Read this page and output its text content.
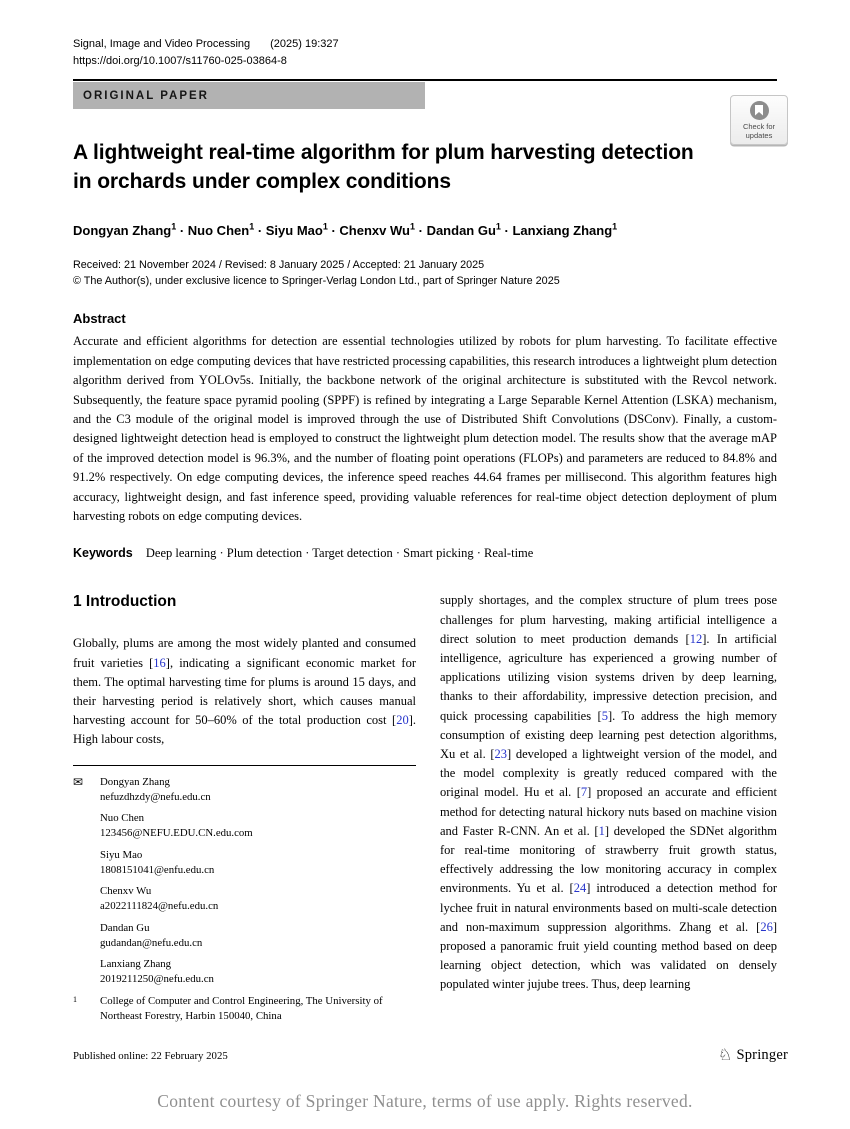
Signal, Image and Video Processing (2025) 19:327
https://doi.org/10.1007/s11760-025-03864-8
ORIGINAL PAPER
A lightweight real-time algorithm for plum harvesting detection
in orchards under complex conditions
Dongyan Zhang$^1$ · Nuo Chen$^1$ · Siyu Mao$^1$ · Chenxv $Wu^1$ · Dandan $Gu^1$ · Lanxiang Zhang$^1$
Received: 21 November 2024 / Revised: 8 January 2025 / Accepted: 21 January 2025
© The Author(s), under exclusive licence to Springer-Verlag London Ltd., part of Springer Nature 2025
Abstract

Accurate and efficient algorithms for detection are essential technologies utilized by robots for plum harvesting. To facilitate effective implementation on edge computing devices that have restricted processing capabilities, this research introduces a lightweight plum detection algorithm derived from YOLOv5s. Initially, the backbone network of the original architecture is substituted with the Revcol network. Subsequently, the feature space pyramid pooling (SPPF) is refined by integrating a Large Separable Kernel Attention (LSKA) mechanism, and the C3 module of the original model is improved through the use of Distributed Shift Convolutions (DSConv). Finally, a custom-designed lightweight detection head is employed to construct the lightweight plum detection model. The results show that the average mAP of the improved detection model is 96.3%, and the number of floating point operations (FLOPs) and parameters are reduced to 84.8% and 91.2% respectively. On edge computing devices, the inference speed reaches 44.64 frames per millisecond. This algorithm features high accuracy, lightweight design, and fast inference speed, providing valuable references for real-time object detection deployment of plum harvesting robots on edge computing devices.

Keywords Deep learning · Plum detection · Target detection · Smart picking · Real-time
1 Introduction

Globally, plums are among the most widely planted and consumed fruit varieties [16], indicating a significant economic market for them. The optimal harvesting time for plums is around 15 days, and their harvesting period is relatively short, which causes manual harvesting account for 50–60% of the total production cost [20]. High labour costs,

✉	Dongyan Zhang
nefuzdhzdy@nefu.edu.cn
Nuo Chen
123456@NEFU.EDU.CN.edu.com
Siyu Mao
1808151041@enfu.edu.cn
Chenxv Wu
a2022111824@nefu.edu.cn
Dandan Gu
gudandan@nefu.edu.cn
Lanxiang Zhang
2019211250@nefu.edu.cn
1	College of Computer and Control Engineering, The University of Northeast Forestry, Harbin 150040, China

supply shortages, and the complex structure of plum trees pose challenges for plum harvesting, making artificial intelligence a direct solution to meet production demands [12]. In artificial intelligence, agriculture has experienced a growing number of applications utilizing vision systems driven by deep learning, thanks to their affordability, impressive detection precision, and quick processing capabilities [5]. To address the high memory consumption of existing deep learning pest detection algorithms, Xu et al. [23] developed a lightweight version of the model, and the model complexity is greatly reduced compared with the original model. Hu et al. [7] proposed an accurate and efficient method for detecting natural hickory nuts based on machine vision and Faster R-CNN. An et al. [1] developed the SDNet algorithm for real-time monitoring of strawberry fruit growth status, effectively addressing the low monitoring accuracy in complex environments. Yu et al. [24] introduced a detection method for lychee fruit in natural environments based on multi-scale detection and non-maximum suppression algorithms. Zhang et al. [26] proposed a panoramic fruit yield counting method based on deep learning object detection, which was validated on densely populated winter jujube trees. Thus, deep learning

Check for
updates
Published online: 22 February 2025	♘ Springer
Content courtesy of Springer Nature, terms of use apply. Rights reserved.
